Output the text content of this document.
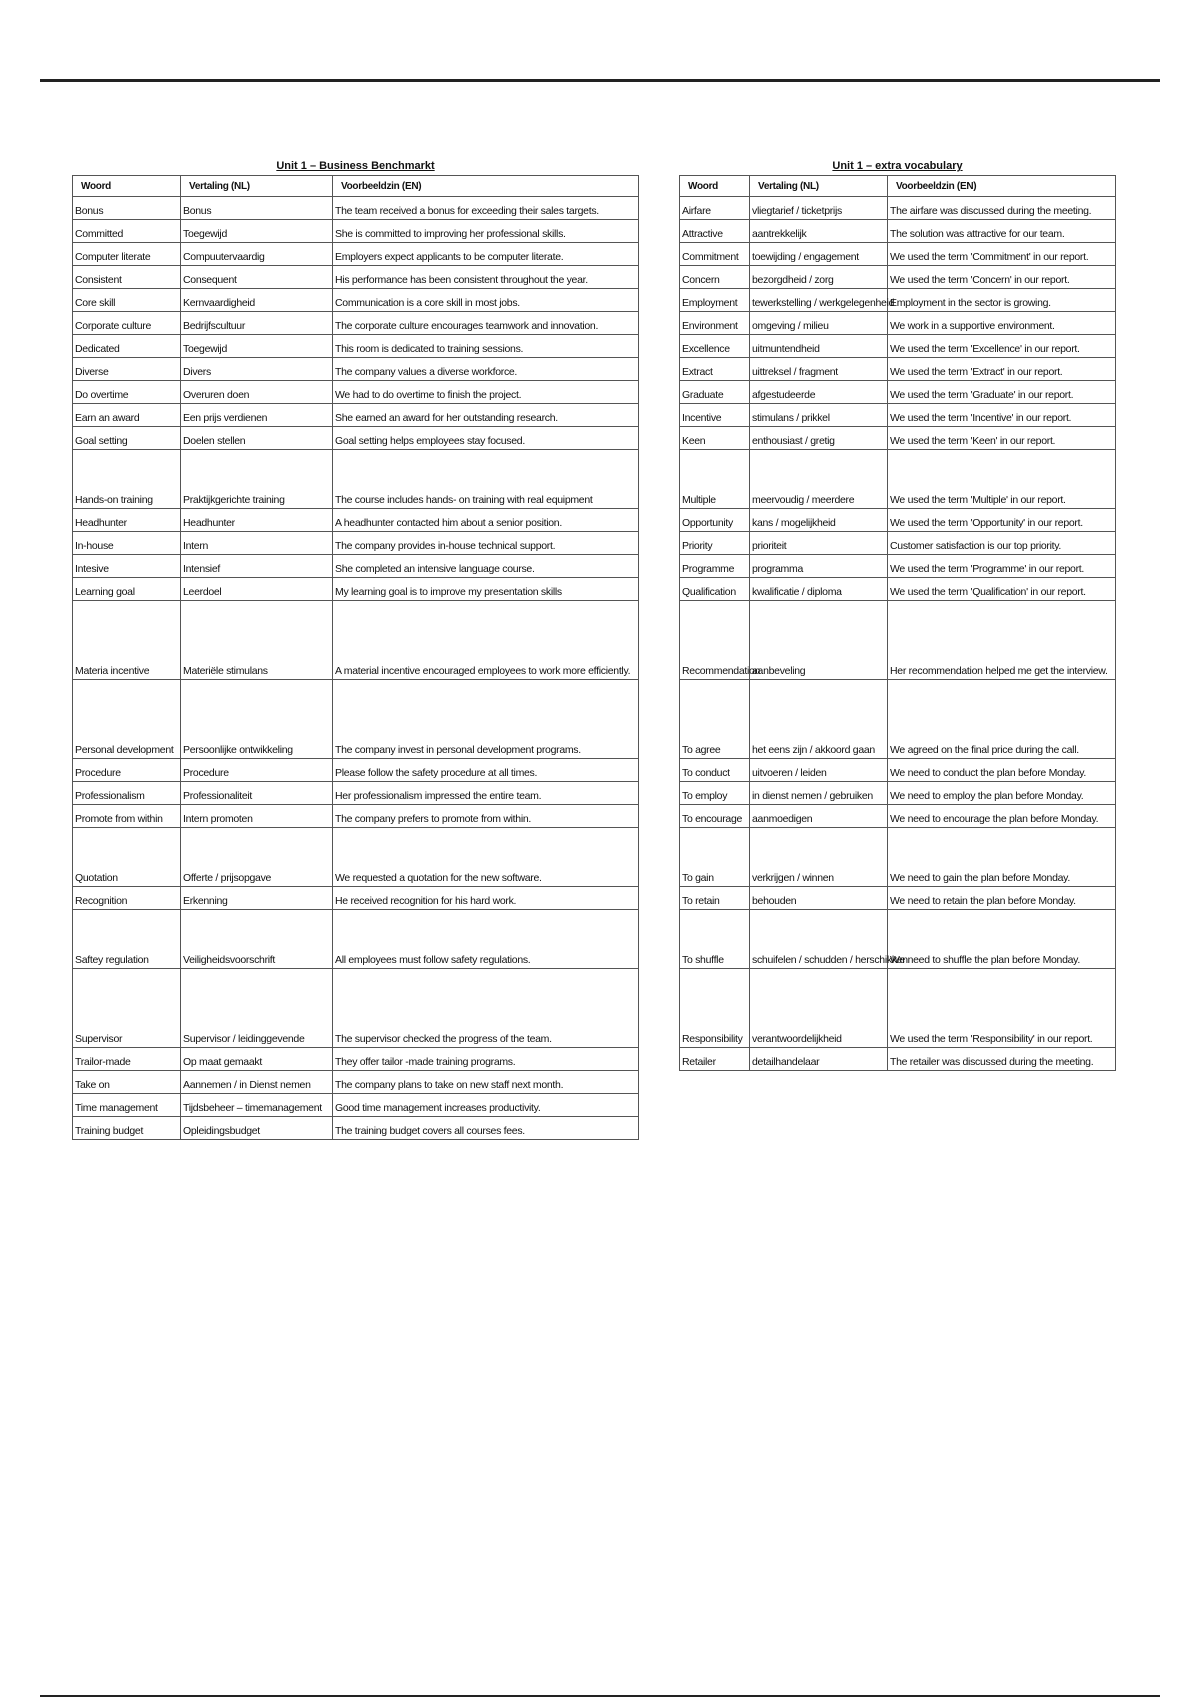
Unit 1 – Business Benchmarkt
Woord	Vertaling (NL)	Voorbeeldzin (EN)
Bonus	Bonus	The team received a bonus for exceeding their sales targets.
Committed	Toegewijd	She is committed to improving her professional skills.
Computer literate	Compuutervaardig	Employers expect applicants to be computer literate.
Consistent	Consequent	His performance has been consistent throughout the year.
Core skill	Kernvaardigheid	Communication is a core skill in most jobs.
Corporate culture	Bedrijfscultuur	The corporate culture encourages teamwork and innovation.
Dedicated	Toegewijd	This room is dedicated to training sessions.
Diverse	Divers	The company values a diverse workforce.
Do overtime	Overuren doen	We had to do overtime to finish the project.
Earn an award	Een prijs verdienen	She earned an award for her outstanding research.
Goal setting	Doelen stellen	Goal setting helps employees stay focused.
Hands-on training	Praktijkgerichte training	The course includes hands- on training with real equipment
Headhunter	Headhunter	A headhunter contacted him about a senior position.
In-house	Intern	The company provides in-house technical support.
Intesive	Intensief	She completed an intensive language course.
Learning goal	Leerdoel	My learning goal is to improve my presentation skills
Materia incentive	Materiële stimulans	A material incentive encouraged employees to work more efficiently.
Personal development	Persoonlijke ontwikkeling	The company invest in personal development programs.
Procedure	Procedure	Please follow the safety procedure at all times.
Professionalism	Professionaliteit	Her professionalism impressed the entire team.
Promote from within	Intern promoten	The company prefers to promote from within.
Quotation	Offerte / prijsopgave	We requested a quotation for the new software.
Recognition	Erkenning	He received recognition for his hard work.
Saftey regulation	Veiligheidsvoorschrift	All employees must follow safety regulations.
Supervisor	Supervisor / leidinggevende	The supervisor checked the progress of the team.
Trailor-made	Op maat gemaakt	They offer tailor -made training programs.
Take on	Aannemen / in Dienst nemen	The company plans to take on new staff next month.
Time management	Tijdsbeheer – timemanagement	Good time management increases productivity.
Training budget	Opleidingsbudget	The training budget covers all courses fees.
Unit 1 – extra vocabulary
Woord	Vertaling (NL)	Voorbeeldzin (EN)
Airfare	vliegtarief / ticketprijs	The airfare was discussed during the meeting.
Attractive	aantrekkelijk	The solution was attractive for our team.
Commitment	toewijding / engagement	We used the term 'Commitment' in our report.
Concern	bezorgdheid / zorg	We used the term 'Concern' in our report.
Employment	tewerkstelling / werkgelegenheid	Employment in the sector is growing.
Environment	omgeving / milieu	We work in a supportive environment.
Excellence	uitmuntendheid	We used the term 'Excellence' in our report.
Extract	uittreksel / fragment	We used the term 'Extract' in our report.
Graduate	afgestudeerde	We used the term 'Graduate' in our report.
Incentive	stimulans / prikkel	We used the term 'Incentive' in our report.
Keen	enthousiast / gretig	We used the term 'Keen' in our report.
Multiple	meervoudig / meerdere	We used the term 'Multiple' in our report.
Opportunity	kans / mogelijkheid	We used the term 'Opportunity' in our report.
Priority	prioriteit	Customer satisfaction is our top priority.
Programme	programma	We used the term 'Programme' in our report.
Qualification	kwalificatie / diploma	We used the term 'Qualification' in our report.
Recommendation	aanbeveling	Her recommendation helped me get the interview.
To agree	het eens zijn / akkoord gaan	We agreed on the final price during the call.
To conduct	uitvoeren / leiden	We need to conduct the plan before Monday.
To employ	in dienst nemen / gebruiken	We need to employ the plan before Monday.
To encourage	aanmoedigen	We need to encourage the plan before Monday.
To gain	verkrijgen / winnen	We need to gain the plan before Monday.
To retain	behouden	We need to retain the plan before Monday.
To shuffle	schuifelen / schudden / herschikken	We need to shuffle the plan before Monday.
Responsibility	verantwoordelijkheid	We used the term 'Responsibility' in our report.
Retailer	detailhandelaar	The retailer was discussed during the meeting.
